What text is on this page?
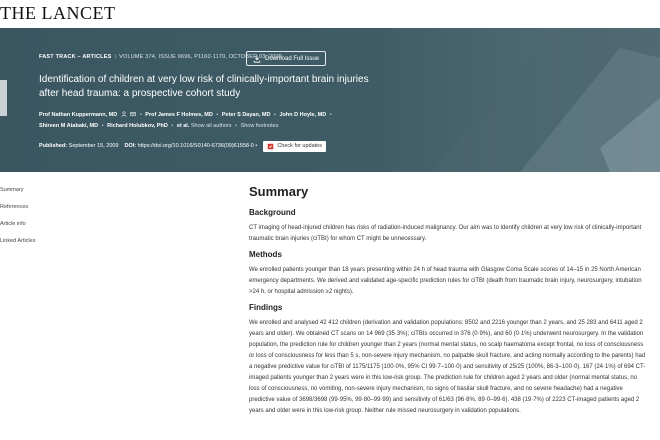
THE LANCET
FAST TRACK – ARTICLES | VOLUME 374, ISSUE 9696, P1160-1170, OCTOBER 03, 2009
Download Full Issue
Identification of children at very low risk of clinically-important brain injuries after head trauma: a prospective cohort study
Prof Nathan Kuppermann, MD	• Prof James F Holmes, MD • Peter S Dayan, MD • John D Hoyle, MD •
Shireen M Atabaki, MD • Richard Holubkov, PhD • et al. Show all authors • Show footnotes
Published: September 15, 2009 DOI: https://doi.org/10.1016/S0140-6736(09)61558-0 •	Check for updates
Summary
References
Article info
Linked Articles
Summary
Background

CT imaging of head-injured children has risks of radiation-induced malignancy. Our aim was to identify children at very low risk of clinically-important traumatic brain injuries (ciTBI) for whom CT might be unnecessary.

Methods

We enrolled patients younger than 18 years presenting within 24 h of head trauma with Glasgow Coma Scale scores of 14–15 in 25 North American emergency departments. We derived and validated age-specific prediction rules for ciTBI (death from traumatic brain injury, neurosurgery, intubation >24 h, or hospital admission ≥2 nights).

Findings

We enrolled and analysed 42 412 children (derivation and validation populations: 8502 and 2216 younger than 2 years, and 25 283 and 6411 aged 2 years and older). We obtained CT scans on 14 969 (35·3%); ciTBIs occurred in 376 (0·9%), and 60 (0·1%) underwent neurosurgery. In the validation population, the prediction rule for children younger than 2 years (normal mental status, no scalp haematoma except frontal, no loss of consciousness or loss of consciousness for less than 5 s, non-severe injury mechanism, no palpable skull fracture, and acting normally according to the parents) had a negative predictive value for ciTBI of 1175/1175 (100·0%, 95% CI 99·7–100·0) and sensitivity of 25/25 (100%, 86·3–100·0). 167 (24·1%) of 694 CT-imaged patients younger than 2 years were in this low-risk group. The prediction rule for children aged 2 years and older (normal mental status, no loss of consciousness, no vomiting, non-severe injury mechanism, no signs of basilar skull fracture, and no severe headache) had a negative predictive value of 3698/3698 (99·95%, 99·80–99·99) and sensitivity of 61/63 (96·8%, 89·0–99·6). 438 (19·7%) of 2223 CT-imaged patients aged 2 years and older were in this low-risk group. Neither rule missed neurosurgery in validation populations.
